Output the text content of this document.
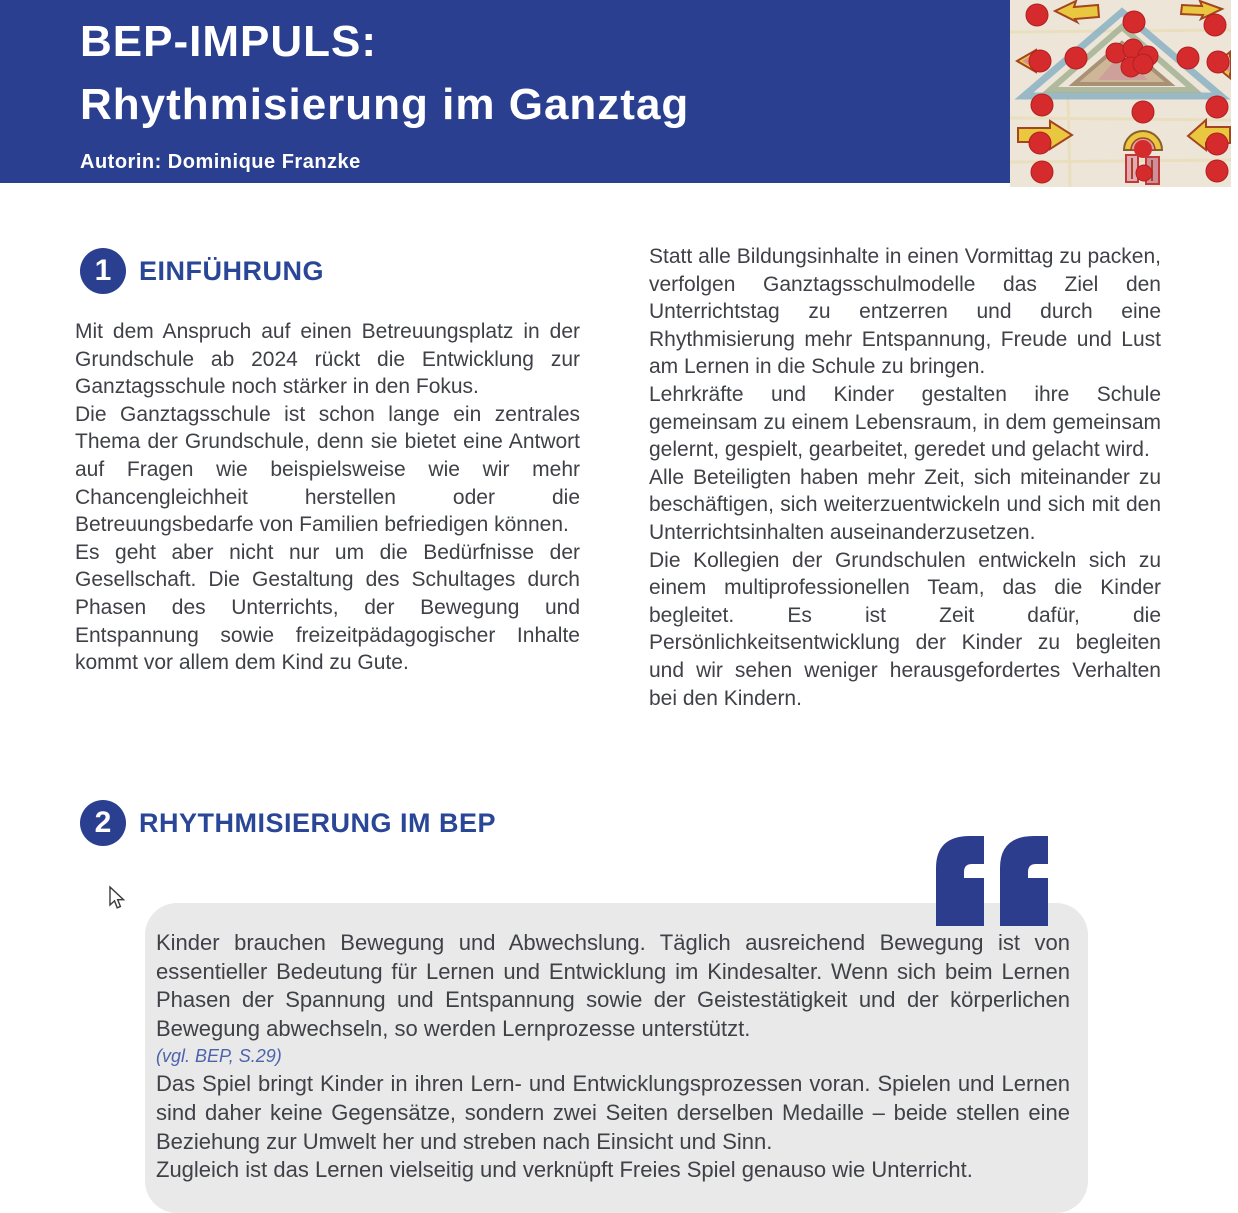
BEP-IMPULS:
Rhythmisierung im Ganztag
Autorin: Dominique Franzke
1	EINFÜHRUNG

Mit dem Anspruch auf einen Betreuungsplatz in der Grundschule ab 2024 rückt die Entwicklung zur Ganztagsschule noch stärker in den Fokus.

Die Ganztagsschule ist schon lange ein zentrales Thema der Grundschule, denn sie bietet eine Antwort auf Fragen wie beispielsweise wie wir mehr Chancengleichheit herstellen oder die Betreuungsbedarfe von Familien befriedigen können.

Es geht aber nicht nur um die Bedürfnisse der Gesellschaft. Die Gestaltung des Schultages durch Phasen des Unterrichts, der Bewegung und Entspannung sowie freizeitpädagogischer Inhalte kommt vor allem dem Kind zu Gute.

Statt alle Bildungsinhalte in einen Vormittag zu packen, verfolgen Ganztagsschulmodelle das Ziel den Unterrichtstag zu entzerren und durch eine Rhythmisierung mehr Entspannung, Freude und Lust am Lernen in die Schule zu bringen.

Lehrkräfte und Kinder gestalten ihre Schule gemeinsam zu einem Lebensraum, in dem gemeinsam gelernt, gespielt, gearbeitet, geredet und gelacht wird.

Alle Beteiligten haben mehr Zeit, sich miteinander zu beschäftigen, sich weiterzuentwickeln und sich mit den Unterrichtsinhalten auseinanderzusetzen.

Die Kollegien der Grundschulen entwickeln sich zu einem multiprofessionellen Team, das die Kinder begleitet. Es ist Zeit dafür, die Persönlichkeitsentwicklung der Kinder zu begleiten und wir sehen weniger herausgefordertes Verhalten bei den Kindern.

2	RHYTHMISIERUNG IM BEP

Kinder brauchen Bewegung und Abwechslung. Täglich ausreichend Bewegung ist von essentieller Bedeutung für Lernen und Entwicklung im Kindesalter. Wenn sich beim Lernen Phasen der Spannung und Entspannung sowie der Geistestätigkeit und der körperlichen Bewegung abwechseln, so werden Lernprozesse unterstützt.

(vgl. BEP, S.29)

Das Spiel bringt Kinder in ihren Lern- und Entwicklungsprozessen voran. Spielen und Lernen sind daher keine Gegensätze, sondern zwei Seiten derselben Medaille – beide stellen eine Beziehung zur Umwelt her und streben nach Einsicht und Sinn.

Zugleich ist das Lernen vielseitig und verknüpft Freies Spiel genauso wie Unterricht.
